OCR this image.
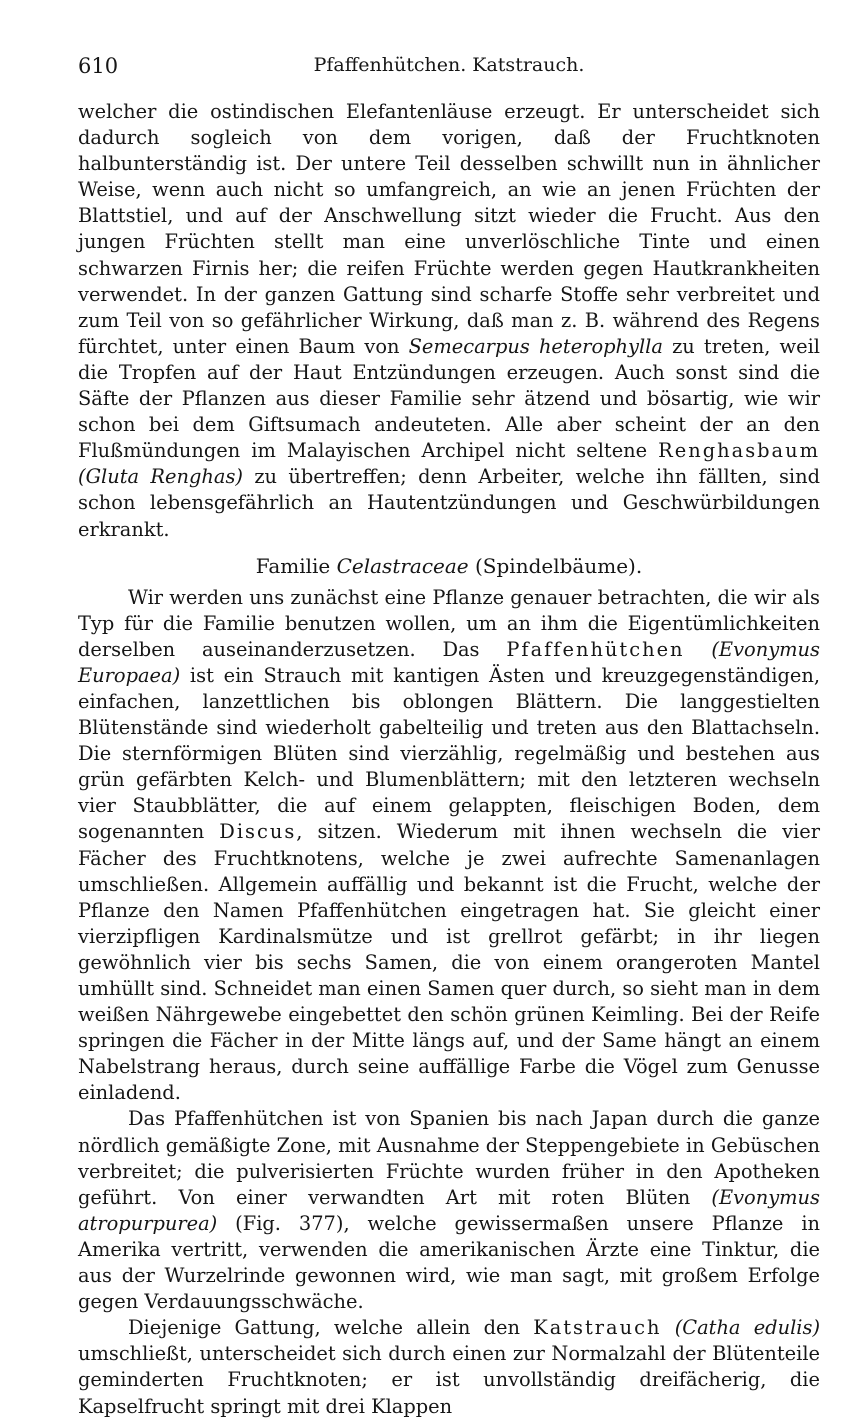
610	Pfaffenhütchen. Katstrauch.

welcher die ostindischen Elefantenläuse erzeugt. Er unterscheidet sich dadurch sogleich von dem vorigen, daß der Fruchtknoten halbunterständig ist. Der untere Teil desselben schwillt nun in ähnlicher Weise, wenn auch nicht so umfangreich, an wie an jenen Früchten der Blattstiel, und auf der Anschwellung sitzt wieder die Frucht. Aus den jungen Früchten stellt man eine unverlöschliche Tinte und einen schwarzen Firnis her; die reifen Früchte werden gegen Hautkrankheiten verwendet. In der ganzen Gattung sind scharfe Stoffe sehr verbreitet und zum Teil von so gefährlicher Wirkung, daß man z. B. während des Regens fürchtet, unter einen Baum von Semecarpus heterophylla zu treten, weil die Tropfen auf der Haut Entzündungen erzeugen. Auch sonst sind die Säfte der Pflanzen aus dieser Familie sehr ätzend und bösartig, wie wir schon bei dem Giftsumach andeuteten. Alle aber scheint der an den Flußmündungen im Malayischen Archipel nicht seltene Renghasbaum (Gluta Renghas) zu übertreffen; denn Arbeiter, welche ihn fällten, sind schon lebensgefährlich an Hautentzündungen und Geschwürbildungen erkrankt.

Familie Celastraceae (Spindelbäume).

Wir werden uns zunächst eine Pflanze genauer betrachten, die wir als Typ für die Familie benutzen wollen, um an ihm die Eigentümlichkeiten derselben auseinanderzusetzen. Das Pfaffenhütchen (Evonymus Europaea) ist ein Strauch mit kantigen Ästen und kreuzgegenständigen, einfachen, lanzettlichen bis oblongen Blättern. Die langgestielten Blütenstände sind wiederholt gabelteilig und treten aus den Blattachseln. Die sternförmigen Blüten sind vierzählig, regelmäßig und bestehen aus grün gefärbten Kelch- und Blumenblättern; mit den letzteren wechseln vier Staubblätter, die auf einem gelappten, fleischigen Boden, dem sogenannten Discus, sitzen. Wiederum mit ihnen wechseln die vier Fächer des Fruchtknotens, welche je zwei aufrechte Samenanlagen umschließen. Allgemein auffällig und bekannt ist die Frucht, welche der Pflanze den Namen Pfaffenhütchen eingetragen hat. Sie gleicht einer vierzipfligen Kardinalsmütze und ist grellrot gefärbt; in ihr liegen gewöhnlich vier bis sechs Samen, die von einem orangeroten Mantel umhüllt sind. Schneidet man einen Samen quer durch, so sieht man in dem weißen Nährgewebe eingebettet den schön grünen Keimling. Bei der Reife springen die Fächer in der Mitte längs auf, und der Same hängt an einem Nabelstrang heraus, durch seine auffällige Farbe die Vögel zum Genusse einladend.

Das Pfaffenhütchen ist von Spanien bis nach Japan durch die ganze nördlich gemäßigte Zone, mit Ausnahme der Steppengebiete in Gebüschen verbreitet; die pulverisierten Früchte wurden früher in den Apotheken geführt. Von einer verwandten Art mit roten Blüten (Evonymus atropurpurea) (Fig. 377), welche gewissermaßen unsere Pflanze in Amerika vertritt, verwenden die amerikanischen Ärzte eine Tinktur, die aus der Wurzelrinde gewonnen wird, wie man sagt, mit großem Erfolge gegen Verdauungsschwäche.

Diejenige Gattung, welche allein den Katstrauch (Catha edulis) umschließt, unterscheidet sich durch einen zur Normalzahl der Blütenteile geminderten Fruchtknoten; er ist unvollständig dreifächerig, die Kapselfrucht springt mit drei Klappen
